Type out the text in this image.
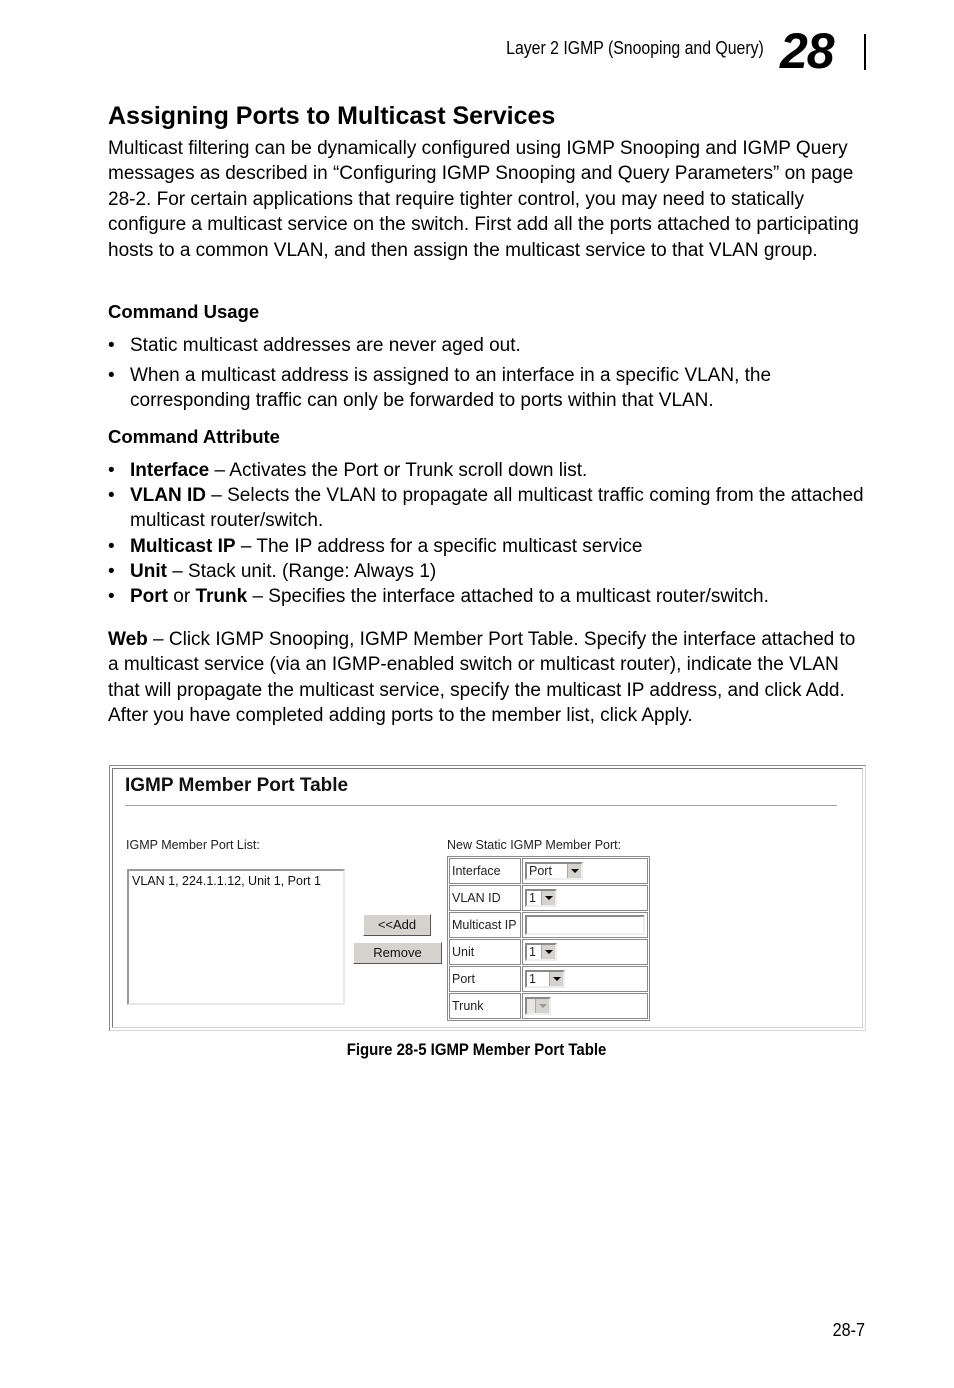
Layer 2 IGMP (Snooping and Query) 28
Assigning Ports to Multicast Services
Multicast filtering can be dynamically configured using IGMP Snooping and IGMP Query messages as described in “Configuring IGMP Snooping and Query Parameters” on page 28-2. For certain applications that require tighter control, you may need to statically configure a multicast service on the switch. First add all the ports attached to participating hosts to a common VLAN, and then assign the multicast service to that VLAN group.
Command Usage
• Static multicast addresses are never aged out.
• When a multicast address is assigned to an interface in a specific VLAN, the corresponding traffic can only be forwarded to ports within that VLAN.
Command Attribute
• Interface – Activates the Port or Trunk scroll down list.
• VLAN ID – Selects the VLAN to propagate all multicast traffic coming from the attached multicast router/switch.
• Multicast IP – The IP address for a specific multicast service
• Unit – Stack unit. (Range: Always 1)
• Port or Trunk – Specifies the interface attached to a multicast router/switch.
Web – Click IGMP Snooping, IGMP Member Port Table. Specify the interface attached to a multicast service (via an IGMP-enabled switch or multicast router), indicate the VLAN that will propagate the multicast service, specify the multicast IP address, and click Add. After you have completed adding ports to the member list, click Apply.
IGMP Member Port Table
IGMP Member Port List:
VLAN 1, 224.1.1.12, Unit 1, Port 1
<<Add
Remove
New Static IGMP Member Port:
Interface	Port

VLAN ID	1

Multicast IP	
Unit	1

Port	1

Trunk	
Figure 28-5 IGMP Member Port Table
28-7
